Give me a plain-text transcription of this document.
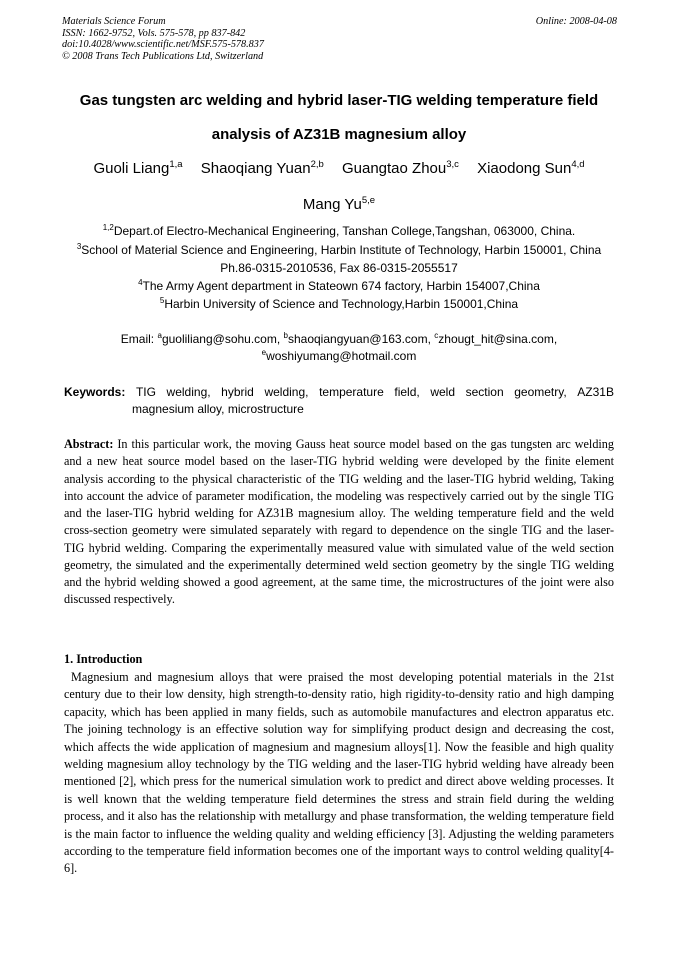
Materials Science Forum
ISSN: 1662-9752, Vols. 575-578, pp 837-842
doi:10.4028/www.scientific.net/MSF.575-578.837
© 2008 Trans Tech Publications Ltd, Switzerland
Online: 2008-04-08
Gas tungsten arc welding and hybrid laser-TIG welding temperature field
analysis of AZ31B magnesium alloy
Guoli Liang$^{1,a}$ Shaoqiang Yuan$^{2,b}$ Guangtao Zhou$^{3,c}$ Xiaodong Sun$^{4,d}$
Mang Yu$^{5,e}$
$^{1,2}$Depart.of Electro-Mechanical Engineering, Tanshan College,Tangshan, 063000, China.
$^3$School of Material Science and Engineering, Harbin Institute of Technology, Harbin 150001, China
Ph.86-0315-2010536, Fax 86-0315-2055517
$^4$The Army Agent department in Stateown 674 factory, Harbin 154007,China
$^5$Harbin University of Science and Technology,Harbin 150001,China
Email: $^a$guoliliang@sohu.com, $^b$shaoqiangyuan@163.com, $^c$zhougt_hit@sina.com,
$^e$woshiyumang@hotmail.com
Keywords: TIG welding, hybrid welding, temperature field, weld section geometry, AZ31B
magnesium alloy, microstructure
Abstract: In this particular work, the moving Gauss heat source model based on the gas tungsten arc welding and a new heat source model based on the laser-TIG hybrid welding were developed by the finite element analysis according to the physical characteristic of the TIG welding and the laser-TIG hybrid welding, Taking into account the advice of parameter modification, the modeling was respectively carried out by the single TIG and the laser-TIG hybrid welding for AZ31B magnesium alloy. The welding temperature field and the weld cross-section geometry were simulated separately with regard to dependence on the single TIG and the laser-TIG hybrid welding. Comparing the experimentally measured value with simulated value of the weld section geometry, the simulated and the experimentally determined weld section geometry by the single TIG welding and the hybrid welding showed a good agreement, at the same time, the microstructures of the joint were also discussed respectively.
1. Introduction
Magnesium and magnesium alloys that were praised the most developing potential materials in the 21st century due to their low density, high strength-to-density ratio, high rigidity-to-density ratio and high damping capacity, which has been applied in many fields, such as automobile manufactures and electron apparatus etc. The joining technology is an effective solution way for simplifying product design and decreasing the cost, which affects the wide application of magnesium and magnesium alloys[1]. Now the feasible and high quality welding magnesium alloy technology by the TIG welding and the laser-TIG hybrid welding have already been mentioned [2], which press for the numerical simulation work to predict and direct above welding processes. It is well known that the welding temperature field determines the stress and strain field during the welding process, and it also has the relationship with metallurgy and phase transformation, the welding temperature field is the main factor to influence the welding quality and welding efficiency [3]. Adjusting the welding parameters according to the temperature field information becomes one of the important ways to control welding quality[4-6].
